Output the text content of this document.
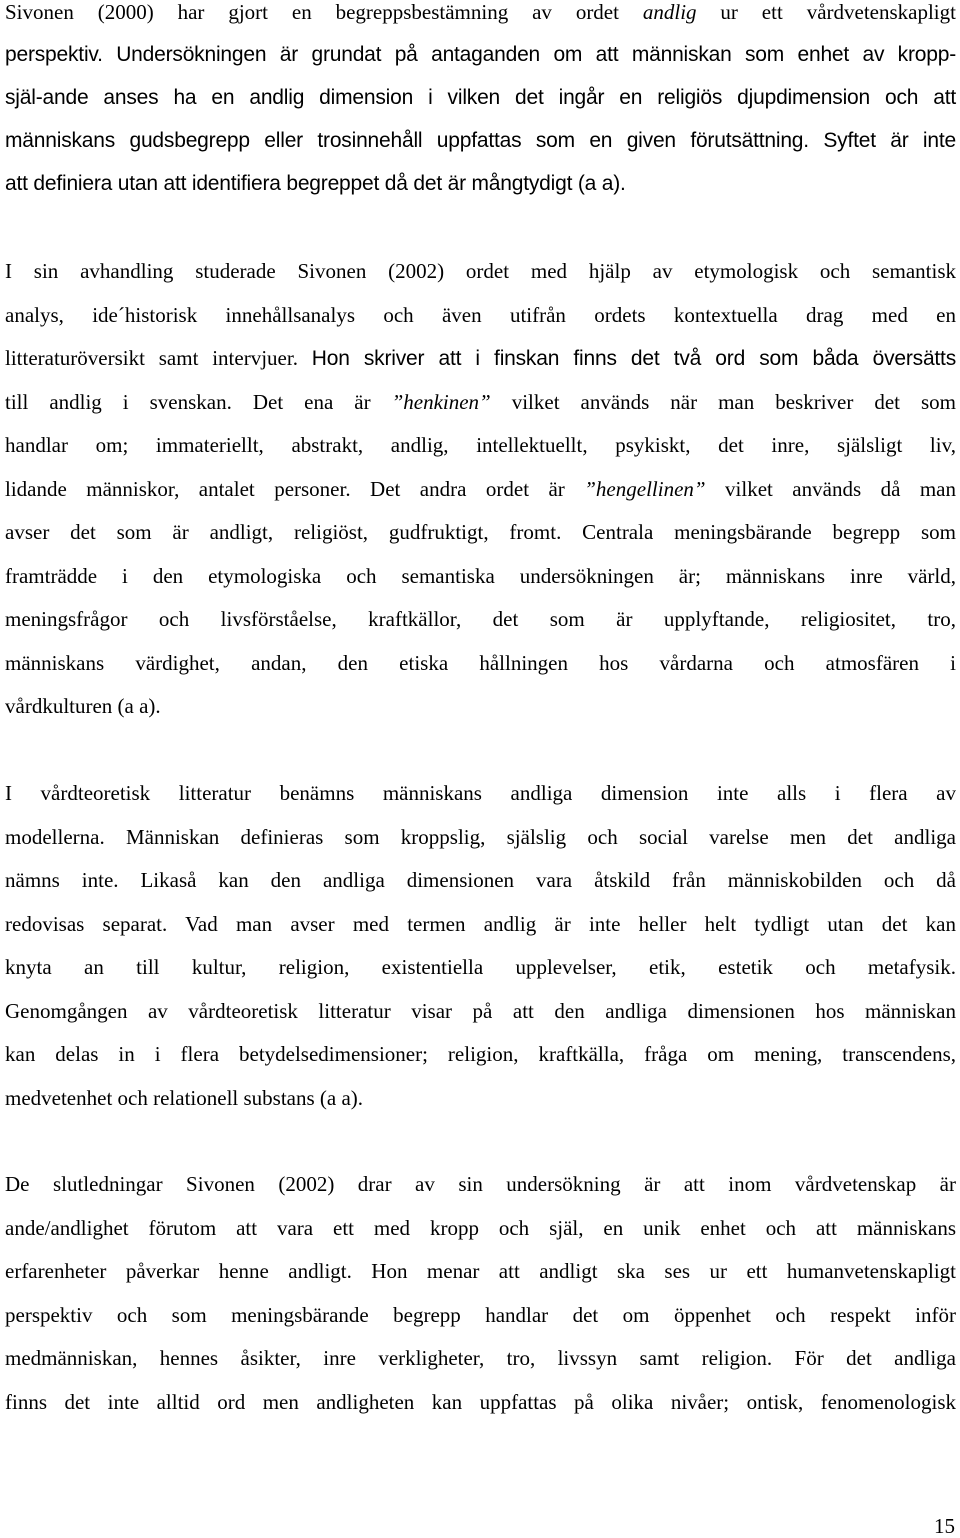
Sivonen (2000) har gjort en begreppsbestämning av ordet andlig ur ett vårdvetenskapligt
perspektiv. Undersökningen är grundat på antaganden om att människan som enhet av kropp-
själ-ande anses ha en andlig dimension i vilken det ingår en religiös djupdimension och att
människans gudsbegrepp eller trosinnehåll uppfattas som en given förutsättning. Syftet är inte
att definiera utan att identifiera begreppet då det är mångtydigt (a a).
I sin avhandling studerade Sivonen (2002) ordet med hjälp av etymologisk och semantisk
analys, ide´historisk innehållsanalys och även utifrån ordets kontextuella drag med en
litteraturöversikt samt intervjuer. Hon skriver att i finskan finns det två ord som båda översätts
till andlig i svenskan. Det ena är ”henkinen” vilket används när man beskriver det som
handlar om; immateriellt, abstrakt, andlig, intellektuellt, psykiskt, det inre, själsligt liv,
lidande människor, antalet personer. Det andra ordet är ”hengellinen” vilket används då man
avser det som är andligt, religiöst, gudfruktigt, fromt. Centrala meningsbärande begrepp som
framträdde i den etymologiska och semantiska undersökningen är; människans inre värld,
meningsfrågor och livsförståelse, kraftkällor, det som är upplyftande, religiositet, tro,
människans värdighet, andan, den etiska hållningen hos vårdarna och atmosfären i
vårdkulturen (a a).
I vårdteoretisk litteratur benämns människans andliga dimension inte alls i flera av
modellerna. Människan definieras som kroppslig, själslig och social varelse men det andliga
nämns inte. Likaså kan den andliga dimensionen vara åtskild från människobilden och då
redovisas separat. Vad man avser med termen andlig är inte heller helt tydligt utan det kan
knyta an till kultur, religion, existentiella upplevelser, etik, estetik och metafysik.
Genomgången av vårdteoretisk litteratur visar på att den andliga dimensionen hos människan
kan delas in i flera betydelsedimensioner; religion, kraftkälla, fråga om mening, transcendens,
medvetenhet och relationell substans (a a).
De slutledningar Sivonen (2002) drar av sin undersökning är att inom vårdvetenskap är
ande/andlighet förutom att vara ett med kropp och själ, en unik enhet och att människans
erfarenheter påverkar henne andligt. Hon menar att andligt ska ses ur ett humanvetenskapligt
perspektiv och som meningsbärande begrepp handlar det om öppenhet och respekt inför
medmänniskan, hennes åsikter, inre verkligheter, tro, livssyn samt religion. För det andliga
finns det inte alltid ord men andligheten kan uppfattas på olika nivåer; ontisk, fenomenologisk
15
